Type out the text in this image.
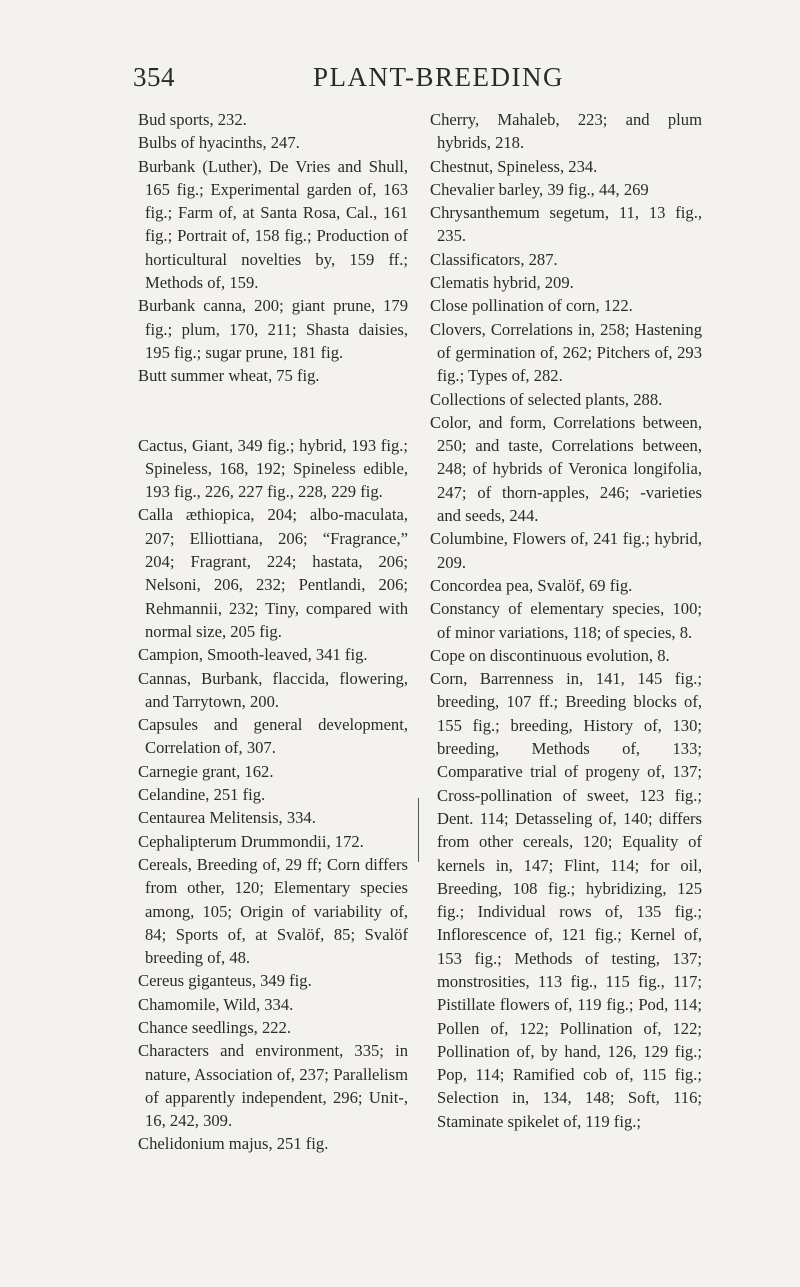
354	PLANT-BREEDING

Bud sports, 232.

Bulbs of hyacinths, 247.

Burbank (Luther), De Vries and Shull, 165 fig.; Experimental garden of, 163 fig.; Farm of, at Santa Rosa, Cal., 161 fig.; Portrait of, 158 fig.; Production of horticultural novelties by, 159 ff.; Methods of, 159.

Burbank canna, 200; giant prune, 179 fig.; plum, 170, 211; Shasta daisies, 195 fig.; sugar prune, 181 fig.

Butt summer wheat, 75 fig.

Cactus, Giant, 349 fig.; hybrid, 193 fig.; Spineless, 168, 192; Spineless edible, 193 fig., 226, 227 fig., 228, 229 fig.

Calla æthiopica, 204; albo-maculata, 207; Elliottiana, 206; “Fragrance,” 204; Fragrant, 224; hastata, 206; Nelsoni, 206, 232; Pentlandi, 206; Rehmannii, 232; Tiny, compared with normal size, 205 fig.

Campion, Smooth-leaved, 341 fig.

Cannas, Burbank, flaccida, flowering, and Tarrytown, 200.

Capsules and general development, Correlation of, 307.

Carnegie grant, 162.

Celandine, 251 fig.

Centaurea Melitensis, 334.

Cephalipterum Drummondii, 172.

Cereals, Breeding of, 29 ff; Corn differs from other, 120; Elementary species among, 105; Origin of variability of, 84; Sports of, at Svalöf, 85; Svalöf breeding of, 48.

Cereus giganteus, 349 fig.

Chamomile, Wild, 334.

Chance seedlings, 222.

Characters and environment, 335; in nature, Association of, 237; Parallelism of apparently independent, 296; Unit-, 16, 242, 309.

Chelidonium majus, 251 fig.

Cherry, Mahaleb, 223; and plum hybrids, 218.

Chestnut, Spineless, 234.

Chevalier barley, 39 fig., 44, 269

Chrysanthemum segetum, 11, 13 fig., 235.

Classificators, 287.

Clematis hybrid, 209.

Close pollination of corn, 122.

Clovers, Correlations in, 258; Hastening of germination of, 262; Pitchers of, 293 fig.; Types of, 282.

Collections of selected plants, 288.

Color, and form, Correlations between, 250; and taste, Correlations between, 248; of hybrids of Veronica longifolia, 247; of thorn-apples, 246; -varieties and seeds, 244.

Columbine, Flowers of, 241 fig.; hybrid, 209.

Concordea pea, Svalöf, 69 fig.

Constancy of elementary species, 100; of minor variations, 118; of species, 8.

Cope on discontinuous evolution, 8.

Corn, Barrenness in, 141, 145 fig.; breeding, 107 ff.; Breeding blocks of, 155 fig.; breeding, History of, 130; breeding, Methods of, 133; Comparative trial of progeny of, 137; Cross-pollination of sweet, 123 fig.; Dent. 114; Detasseling of, 140; differs from other cereals, 120; Equality of kernels in, 147; Flint, 114; for oil, Breeding, 108 fig.; hybridizing, 125 fig.; Individual rows of, 135 fig.; Inflorescence of, 121 fig.; Kernel of, 153 fig.; Methods of testing, 137; monstrosities, 113 fig., 115 fig., 117; Pistillate flowers of, 119 fig.; Pod, 114; Pollen of, 122; Pollination of, 122; Pollination of, by hand, 126, 129 fig.; Pop, 114; Ramified cob of, 115 fig.; Selection in, 134, 148; Soft, 116; Staminate spikelet of, 119 fig.;
